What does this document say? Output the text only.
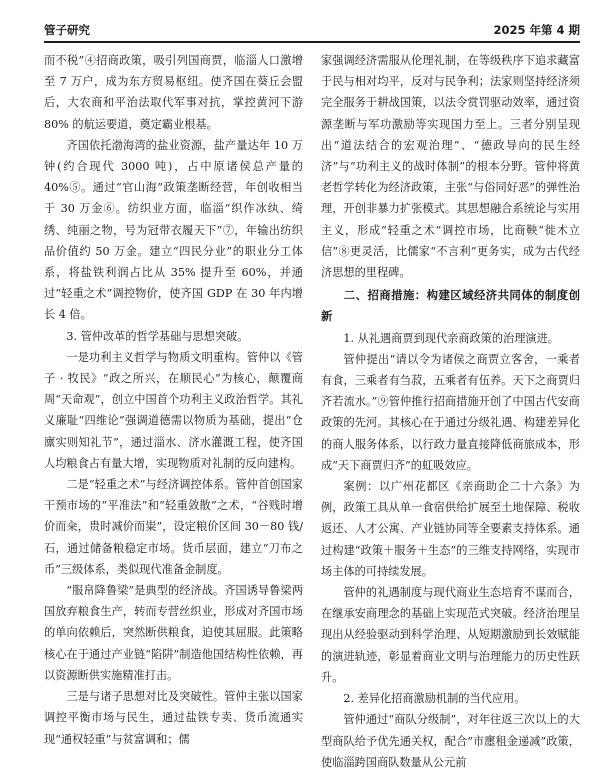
管子研究	2025 年第 4 期

而不税”④招商政策，吸引列国商贾，临淄人口激增至 7 万户，成为东方贸易枢纽。使齐国在葵丘会盟后，大农商和平治法取代军事对抗，掌控黄河下游 80% 的航运要道，奠定霸业根基。

齐国依托渤海湾的盐业资源，盐产量达年 10 万钟(约合现代 3000 吨)，占中原诸侯总产量的 40%⑤。通过“官山海”政策垄断经营，年创收相当于 30 万金⑥。纺织业方面，临淄“织作冰纨、绮绣、纯丽之物，号为冠带衣履天下”⑦，年输出纺织品价值约 50 万金。建立“四民分业”的职业分工体系，将盐铁利润占比从 35% 提升至 60%，并通过“轻重之术”调控物价，使齐国 GDP 在 30 年内增长 4 倍。

3. 管仲改革的哲学基础与思想突破。

一是功利主义哲学与物质文明重构。管仲以《管子 · 牧民》“政之所兴，在顺民心”为核心，颠覆商周“天命观”，创立中国首个功利主义政治哲学。其礼义廉耻“四维论”强调道德需以物质为基础，提出“仓廪实则知礼节”，通过淄水、济水灌溉工程，使齐国人均粮食占有量大增，实现物质对礼制的反向建构。

二是“轻重之术”与经济调控体系。管仲首创国家干预市场的“平准法”和“轻重敛散”之术，“谷贱时增价而籴，贵时减价而粜”，设定粮价区间 30－80 钱/石，通过储备粮稳定市场。货币层面，建立“刀布之币”三级体系，类似现代准备金制度。

“服帛降鲁梁”是典型的经济战。齐国诱导鲁梁两国放弃粮食生产，转而专营丝织业，形成对齐国市场的单向依赖后，突然断供粮食，迫使其屈服。此策略核心在于通过产业链“陷阱”制造他国结构性依赖，再以资源断供实施精准打击。

三是与诸子思想对比及突破性。管仲主张以国家调控平衡市场与民生，通过盐铁专卖、货币流通实现“通权轻重”与贫富调和；儒

家强调经济需服从伦理礼制，在等级秩序下追求藏富于民与相对均平，反对与民争利；法家则坚持经济须完全服务于耕战国策，以法令赏罚驱动效率，通过资源垄断与军功激励等实现国力至上。三者分别呈现出“道法结合的宏观治理”、“德政导向的民生经济”与“功利主义的战时体制”的根本分野。管仲将黄老哲学转化为经济政策，主张“与俗同好恶”的弹性治理，开创非暴力扩张模式。其思想融合系统论与实用主义，形成“轻重之术”调控市场，比商鞅“徙木立信”⑧更灵活，比儒家“不言利”更务实，成为古代经济思想的里程碑。

二、招商措施：构建区域经济共同体的制度创新

1. 从礼遇商贾到现代亲商政策的治理演进。

管仲提出“请以令为诸侯之商贾立客舍，一乘者有食，三乘者有刍菽，五乘者有伍养。天下之商贾归齐若流水。”⑨管仲推行招商措施开创了中国古代安商政策的先河。其核心在于通过分级礼遇、构建差异化的商人服务体系，以行政力量直接降低商旅成本，形成“天下商贾归齐”的虹吸效应。

案例：以广州花都区《亲商助企二十六条》为例，政策工具从单一食宿供给扩展至土地保障、税收返还、人才公寓、产业链协同等全要素支持体系。通过构建“政策＋服务＋生态”的三维支持网络，实现市场主体的可持续发展。

管仲的礼遇制度与现代商业生态培育不谋而合，在继承安商理念的基础上实现范式突破。经济治理呈现出从经验驱动到科学治理、从短期激励到长效赋能的演进轨迹，彰显着商业文明与治理能力的历史性跃升。

2. 差异化招商激励机制的当代应用。

管仲通过“商队分级制”，对年往返三次以上的大型商队给予优先通关权，配合“市廛租金递减”政策，使临淄跨国商队数量从公元前
